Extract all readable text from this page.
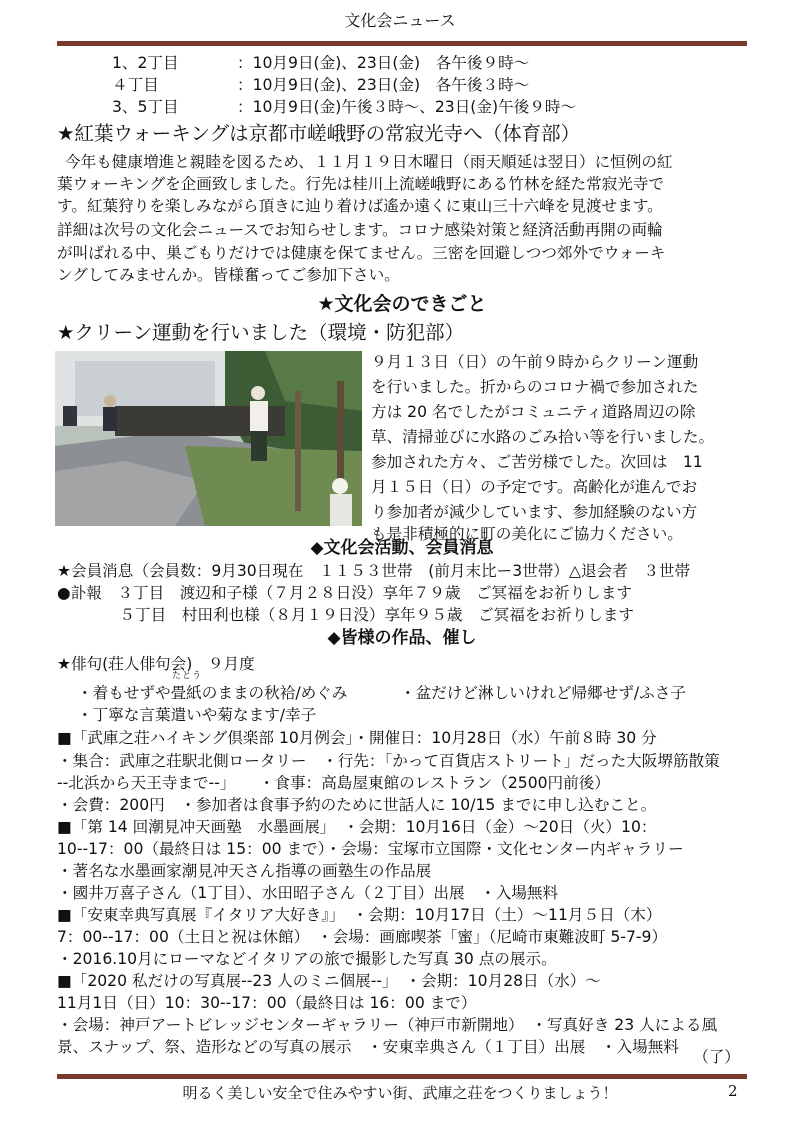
文化会ニュース
1、2丁目	：10月9日(金)、23日(金)　各午後９時～
４丁目	：10月9日(金)、23日(金)　各午後３時～
3、5丁目	：10月9日(金)午後３時～、23日(金)午後９時～
★紅葉ウォーキングは京都市嵯峨野の常寂光寺へ（体育部）
今年も健康増進と親睦を図るため、１１月１９日木曜日（雨天順延は翌日）に恒例の紅
葉ウォーキングを企画致しました。行先は桂川上流嵯峨野にある竹林を経た常寂光寺で
す。紅葉狩りを楽しみながら頂きに辿り着けば遙か遠くに東山三十六峰を見渡せます。
詳細は次号の文化会ニュースでお知らせします。コロナ感染対策と経済活動再開の両輪
が叫ばれる中、巣ごもりだけでは健康を保てません。三密を回避しつつ郊外でウォーキ
ングしてみませんか。皆様奮ってご参加下さい。
★文化会のできごと
★クリーン運動を行いました（環境・防犯部）
９月１３日（日）の午前９時からクリーン運動
を行いました。折からのコロナ禍で参加された
方は 20 名でしたがコミュニティ道路周辺の除
草、清掃並びに水路のごみ拾い等を行いました。
参加された方々、ご苦労様でした。次回は　11
月１５日（日）の予定です。高齢化が進んでお
り参加者が減少しています、参加経験のない方
も是非積極的に町の美化にご協力ください。
◆文化会活動、会員消息
★会員消息（会員数：9月30日現在　１１５３世帯　(前月末比ー3世帯）△退会者　３世帯
●訃報　３丁目　渡辺和子様（７月２８日没）享年７９歳　ご冥福をお祈りします
　　　　５丁目　村田利也様（８月１９日没）享年９５歳　ご冥福をお祈りします
◆皆様の作品、催し
★俳句(荘人俳句会)　９月度
たとう
・着もせずや畳紙のままの秋袷/めぐみ	・盆だけど淋しいけれど帰郷せず/ふさ子
・丁寧な言葉遣いや菊なます/幸子
■「武庫之荘ハイキング倶楽部 10月例会」・開催日：10月28日（水）午前８時 30 分
・集合：武庫之荘駅北側ロータリー　・行先：「かって百貨店ストリート」だった大阪堺筋散策
--北浜から天王寺まで--」　　・食事：高島屋東館のレストラン（2500円前後）
・会費：200円　・参加者は食事予約のために世話人に 10/15 までに申し込むこと。
■「第 14 回潮見冲天画塾　水墨画展」　・会期：10月16日（金）～20日（火）10：
10--17：00（最終日は 15：00 まで）・会場：宝塚市立国際・文化センター内ギャラリー
・著名な水墨画家潮見冲天さん指導の画塾生の作品展
・國井万喜子さん（1丁目）、水田昭子さん（２丁目）出展　・入場無料
■「安東幸典写真展『イタリア大好き』」　・会期：10月17日（土）～11月５日（木）
7：00--17：00（土日と祝は休館）　・会場：画廊喫茶「蜜」（尼崎市東難波町 5-7-9）
・2016.10月にローマなどイタリアの旅で撮影した写真 30 点の展示。
■「2020 私だけの写真展--23 人のミニ個展--」　・会期：10月28日（水）～
11月1日（日）10：30--17：00（最終日は 16：00 まで）
・会場：神戸アートビレッジセンターギャラリー（神戸市新開地）　・写真好き 23 人による風
景、スナップ、祭、造形などの写真の展示　・安東幸典さん（１丁目）出展　・入場無料
（了）
明るく美しい安全で住みやすい街、武庫之荘をつくりましょう！	2
